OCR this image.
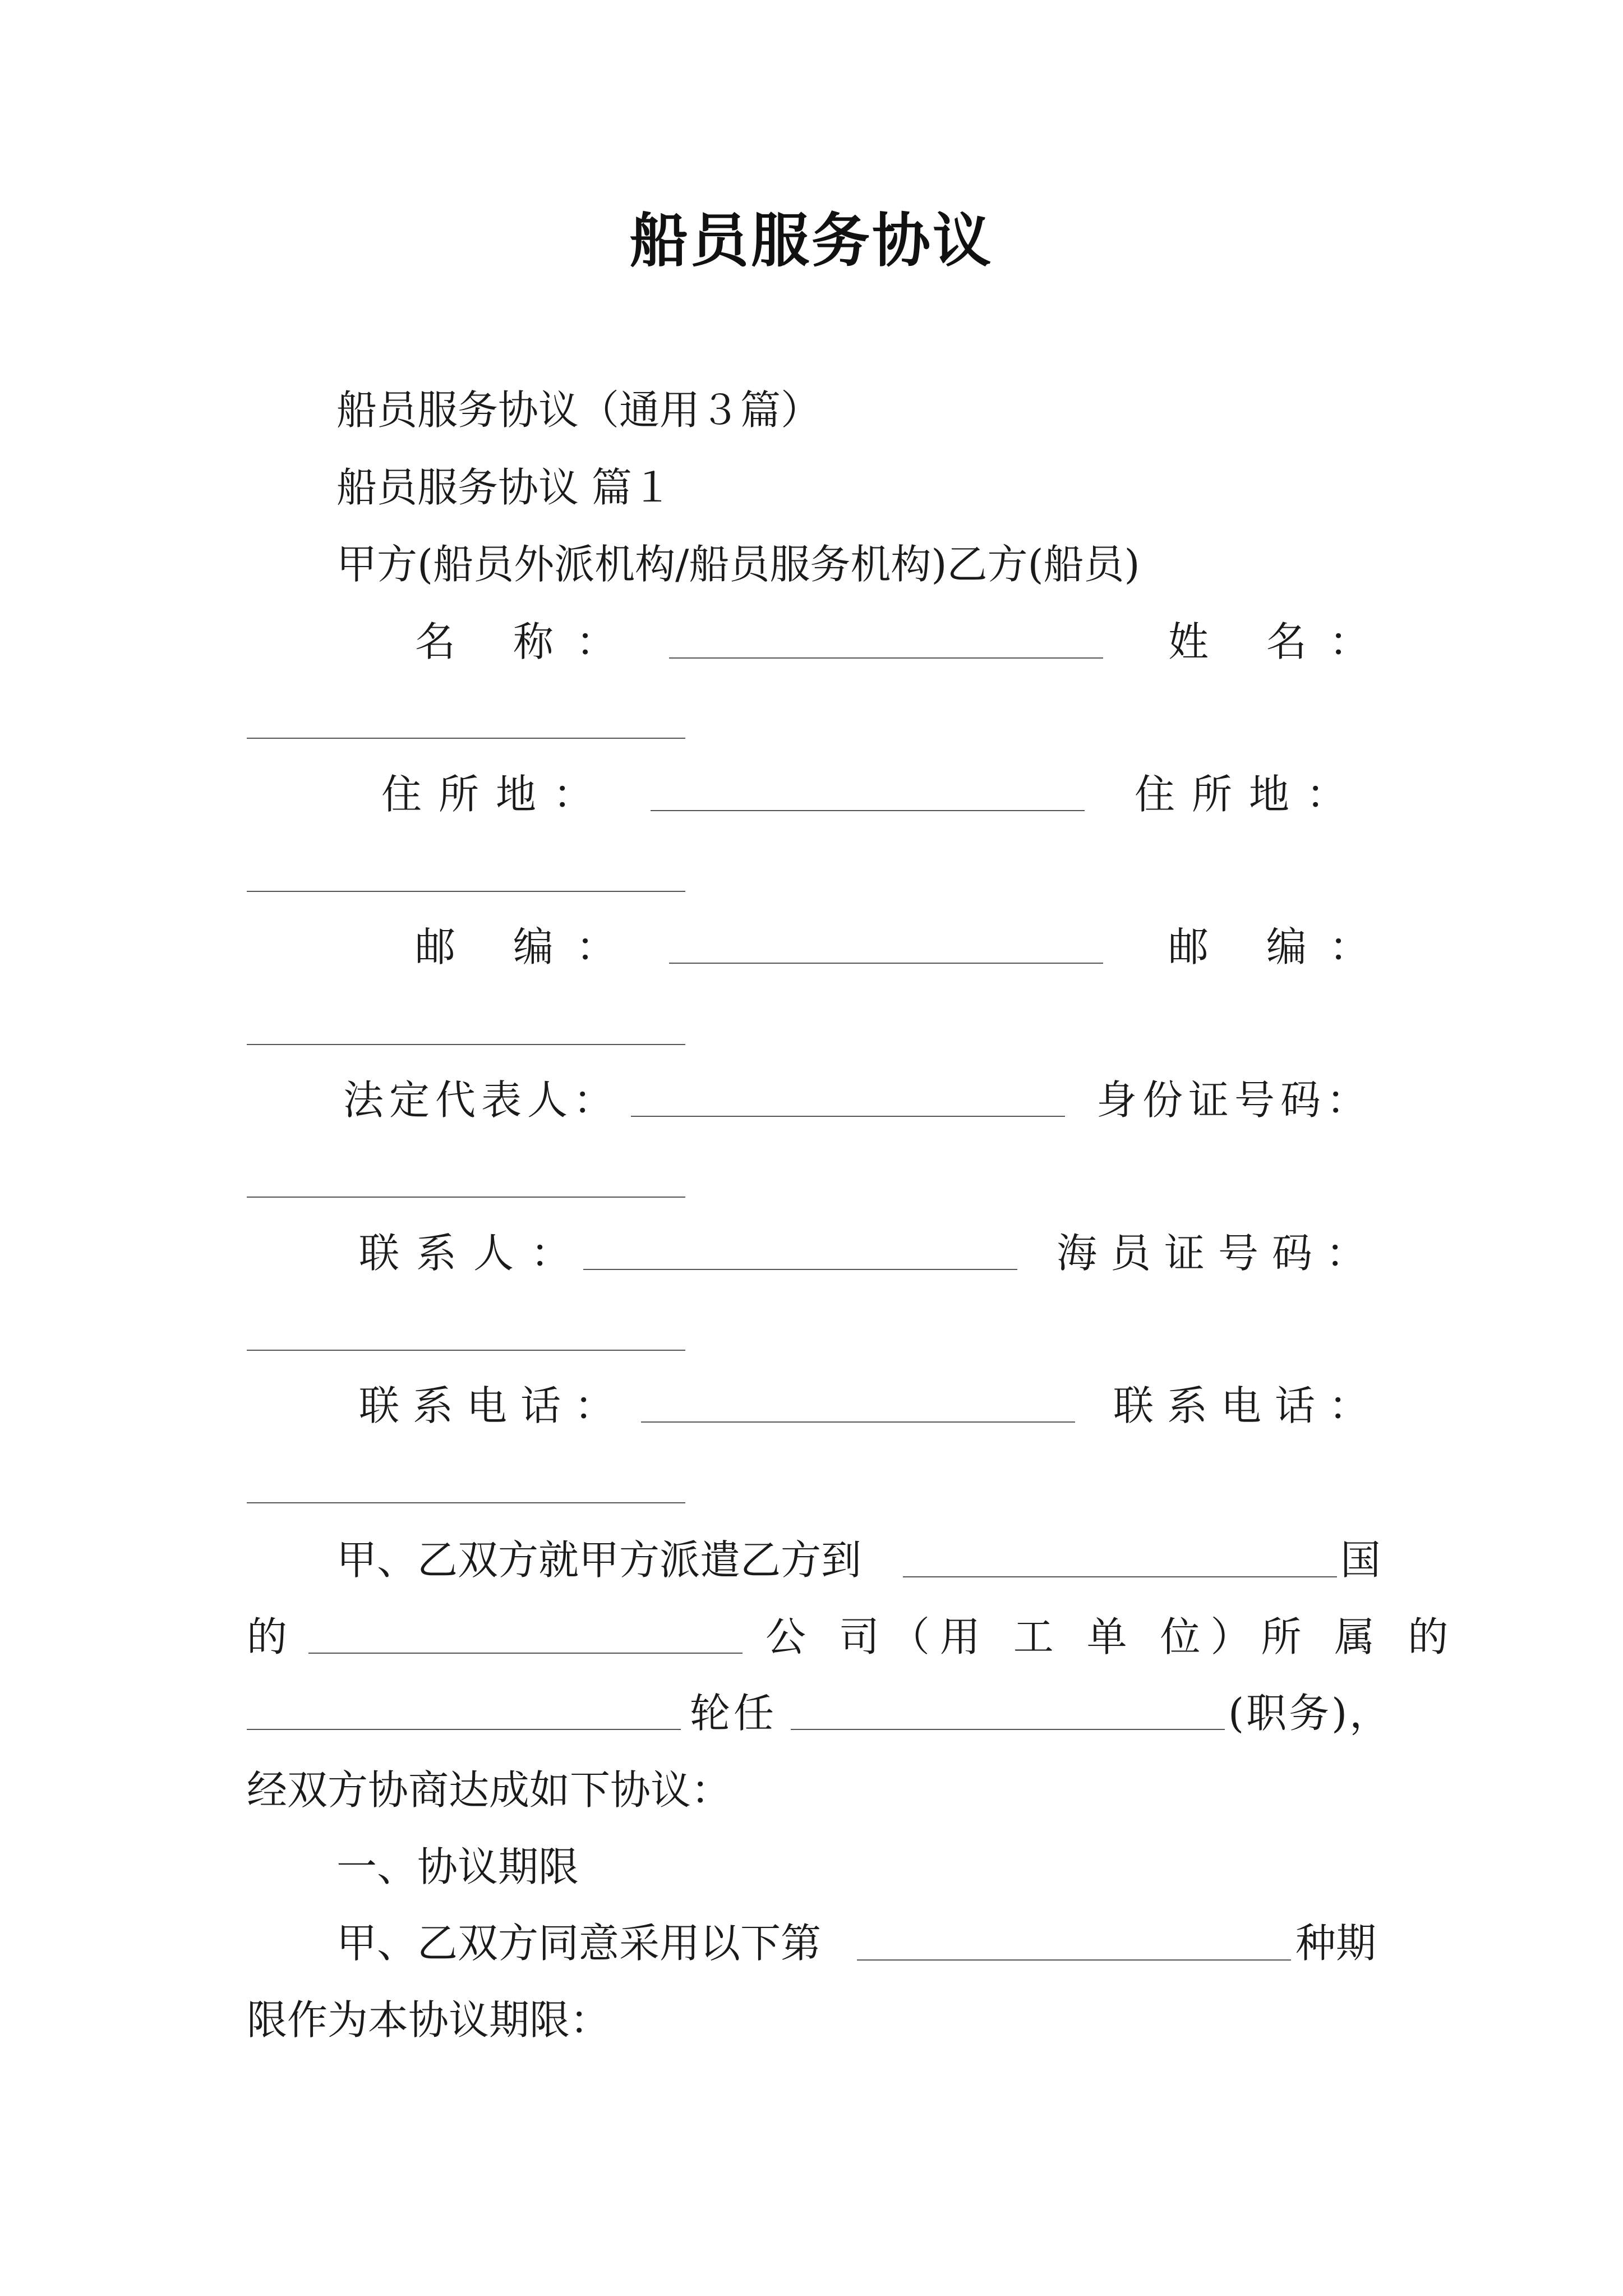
船员服务协议
船员服务协议（通用３篇）
船员服务协议 篇１
甲方(船员外派机构/船员服务机构)乙方(船员)
名 称：	姓 名：
住所地：	住所地：
邮 编：	邮 编：
法定代表人：	身份证号码：
联系人：	海员证号码：
联系电话：	联系电话：
甲、乙双方就甲方派遣乙方到	国
的	公 司（用 工 单 位）所 属 的
轮任	(职务)，
经双方协商达成如下协议：
一、协议期限
甲、乙双方同意采用以下第	种期
限作为本协议期限：
